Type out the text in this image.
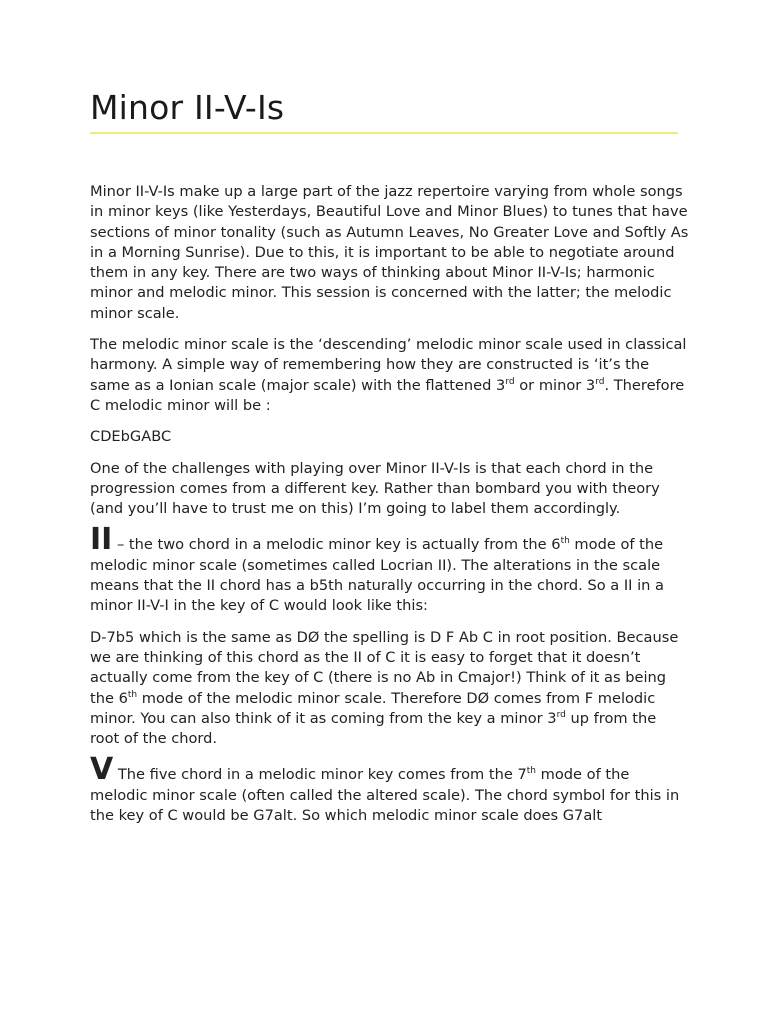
Minor II-V-Is

Minor II-V-Is make up a large part of the jazz repertoire varying from whole songs in minor keys (like Yesterdays, Beautiful Love and Minor Blues) to tunes that have sections of minor tonality (such as Autumn Leaves, No Greater Love and Softly As in a Morning Sunrise). Due to this, it is important to be able to negotiate around them in any key. There are two ways of thinking about Minor II-V-Is; harmonic minor and melodic minor. This session is concerned with the latter; the melodic minor scale.

The melodic minor scale is the ‘descending’ melodic minor scale used in classical harmony. A simple way of remembering how they are constructed is ‘it’s the same as a Ionian scale (major scale) with the flattened 3rd or minor 3rd. Therefore C melodic minor will be :

CDEbGABC

One of the challenges with playing over Minor II-V-Is is that each chord in the progression comes from a different key. Rather than bombard you with theory (and you’ll have to trust me on this) I’m going to label them accordingly.

II – the two chord in a melodic minor key is actually from the 6th mode of the melodic minor scale (sometimes called Locrian II). The alterations in the scale means that the II chord has a b5th naturally occurring in the chord. So a II in a minor II-V-I in the key of C would look like this:

D-7b5 which is the same as DØ the spelling is D F Ab C in root position. Because we are thinking of this chord as the II of C it is easy to forget that it doesn’t actually come from the key of C (there is no Ab in Cmajor!) Think of it as being the 6th mode of the melodic minor scale. Therefore DØ comes from F melodic minor. You can also think of it as coming from the key a minor 3rd up from the root of the chord.

V The five chord in a melodic minor key comes from the 7th mode of the melodic minor scale (often called the altered scale). The chord symbol for this in the key of C would be G7alt. So which melodic minor scale does G7alt
